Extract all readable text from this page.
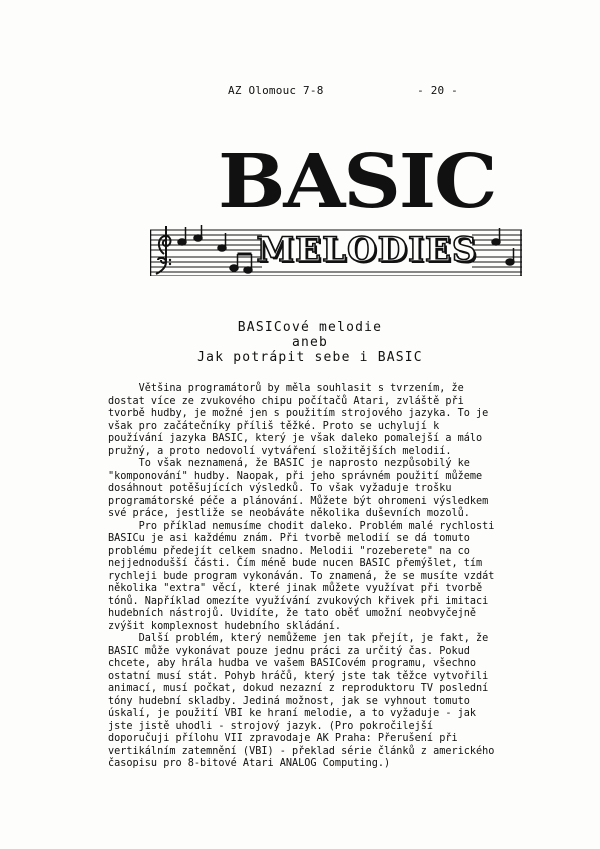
AZ Olomouc 7-8	- 20 -
BASIC
MELODIES
BASICové melodie
aneb
Jak potrápit sebe i BASIC
Většina programátorů by měla souhlasit s tvrzením, že
dostat více ze zvukového chipu počítačů Atari, zvláště při
tvorbě hudby, je možné jen s použitím strojového jazyka. To je
však pro začátečníky příliš těžké. Proto se uchylují k
používání jazyka BASIC, který je však daleko pomalejší a málo
pružný, a proto nedovolí vytváření složitějších melodií.
To však neznamená, že BASIC je naprosto nezpůsobilý ke
"komponování" hudby. Naopak, při jeho správném použití můžeme
dosáhnout potěšujících výsledků. To však vyžaduje trošku
programátorské péče a plánování. Můžete být ohromeni výsledkem
své práce, jestliže se neobáváte několika duševních mozolů.
Pro příklad nemusíme chodit daleko. Problém malé rychlosti
BASICu je asi každému znám. Při tvorbě melodií se dá tomuto
problému předejít celkem snadno. Melodii "rozeberete" na co
nejjednodušší části. Čím méně bude nucen BASIC přemýšlet, tím
rychleji bude program vykonáván. To znamená, že se musíte vzdát
několika "extra" věcí, které jinak můžete využívat při tvorbě
tónů. Například omezíte využívání zvukových křivek při imitaci
hudebních nástrojů. Uvidíte, že tato oběť umožní neobvyčejně
zvýšit komplexnost hudebního skládání.
Další problém, který nemůžeme jen tak přejít, je fakt, že
BASIC může vykonávat pouze jednu práci za určitý čas. Pokud
chcete, aby hrála hudba ve vašem BASICovém programu, všechno
ostatní musí stát. Pohyb hráčů, který jste tak těžce vytvořili
animací, musí počkat, dokud nezazní z reproduktoru TV poslední
tóny hudební skladby. Jediná možnost, jak se vyhnout tomuto
úskalí, je použití VBI ke hraní melodie, a to vyžaduje - jak
jste jistě uhodli - strojový jazyk. (Pro pokročilejší
doporučuji přílohu VII zpravodaje AK Praha: Přerušení při
vertikálním zatemnění (VBI) - překlad série článků z amerického
časopisu pro 8-bitové Atari ANALOG Computing.)
